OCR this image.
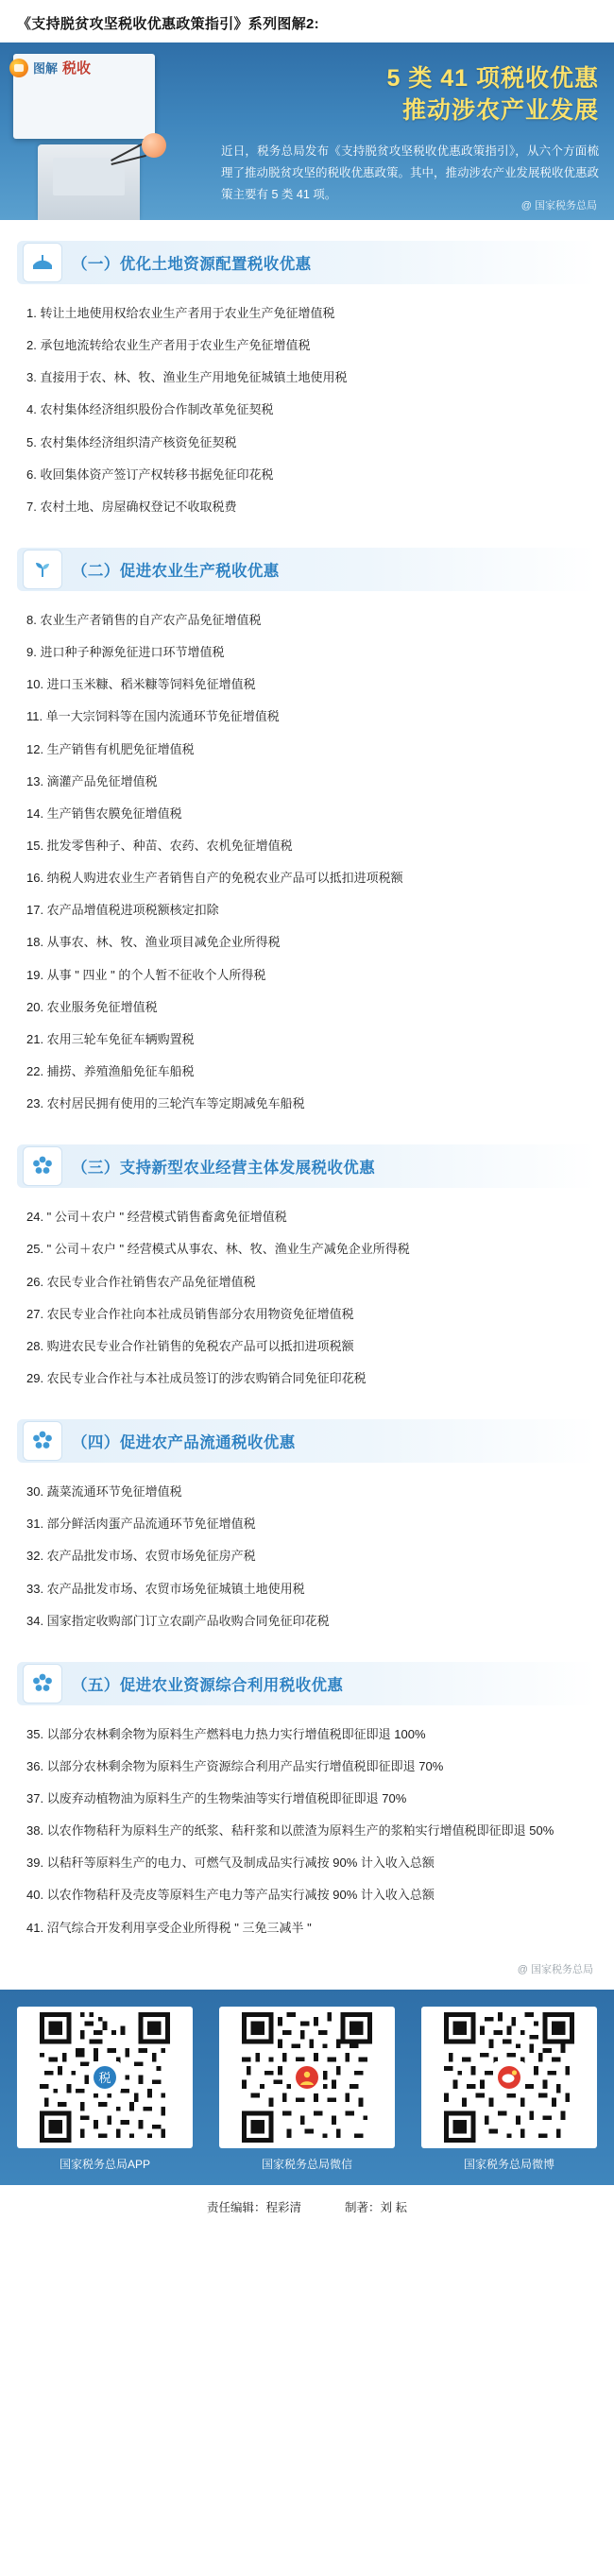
《支持脱贫攻坚税收优惠政策指引》系列图解2:
图解 税收	5 类 41 项税收优惠
推动涉农产业发展
近日，税务总局发布《支持脱贫攻坚税收优惠政策指引》，从六个方面梳理了推动脱贫攻坚的税收优惠政策。其中，推动涉农产业发展税收优惠政策主要有 5 类 41 项。
@ 国家税务总局
（一）优化土地资源配置税收优惠
1. 转让土地使用权给农业生产者用于农业生产免征增值税
2. 承包地流转给农业生产者用于农业生产免征增值税
3. 直接用于农、林、牧、渔业生产用地免征城镇土地使用税
4. 农村集体经济组织股份合作制改革免征契税
5. 农村集体经济组织清产核资免征契税
6. 收回集体资产签订产权转移书据免征印花税
7. 农村土地、房屋确权登记不收取税费
（二）促进农业生产税收优惠
8. 农业生产者销售的自产农产品免征增值税
9. 进口种子种源免征进口环节增值税
10. 进口玉米糠、稻米糠等饲料免征增值税
11. 单一大宗饲料等在国内流通环节免征增值税
12. 生产销售有机肥免征增值税
13. 滴灌产品免征增值税
14. 生产销售农膜免征增值税
15. 批发零售种子、种苗、农药、农机免征增值税
16. 纳税人购进农业生产者销售自产的免税农业产品可以抵扣进项税额
17. 农产品增值税进项税额核定扣除
18. 从事农、林、牧、渔业项目减免企业所得税
19. 从事 " 四业 " 的个人暂不征收个人所得税
20. 农业服务免征增值税
21. 农用三轮车免征车辆购置税
22. 捕捞、养殖渔船免征车船税
23. 农村居民拥有使用的三轮汽车等定期减免车船税
（三）支持新型农业经营主体发展税收优惠
24. " 公司＋农户 " 经营模式销售畜禽免征增值税
25. " 公司＋农户 " 经营模式从事农、林、牧、渔业生产减免企业所得税
26. 农民专业合作社销售农产品免征增值税
27. 农民专业合作社向本社成员销售部分农用物资免征增值税
28. 购进农民专业合作社销售的免税农产品可以抵扣进项税额
29. 农民专业合作社与本社成员签订的涉农购销合同免征印花税
（四）促进农产品流通税收优惠
30. 蔬菜流通环节免征增值税
31. 部分鲜活肉蛋产品流通环节免征增值税
32. 农产品批发市场、农贸市场免征房产税
33. 农产品批发市场、农贸市场免征城镇土地使用税
34. 国家指定收购部门订立农副产品收购合同免征印花税
（五）促进农业资源综合利用税收优惠
35. 以部分农林剩余物为原料生产燃料电力热力实行增值税即征即退 100%
36. 以部分农林剩余物为原料生产资源综合利用产品实行增值税即征即退 70%
37. 以废弃动植物油为原料生产的生物柴油等实行增值税即征即退 70%
38. 以农作物秸秆为原料生产的纸浆、秸秆浆和以蔗渣为原料生产的浆粕实行增值税即征即退 50%
39. 以秸秆等原料生产的电力、可燃气及制成品实行减按 90% 计入收入总额
40. 以农作物秸秆及壳皮等原料生产电力等产品实行减按 90% 计入收入总额
41. 沼气综合开发利用享受企业所得税 " 三免三减半 "
@ 国家税务总局
税
国家税务总局APP	国家税务总局微信	国家税务总局微博
责任编辑：程彩清	制著：刘 耘
